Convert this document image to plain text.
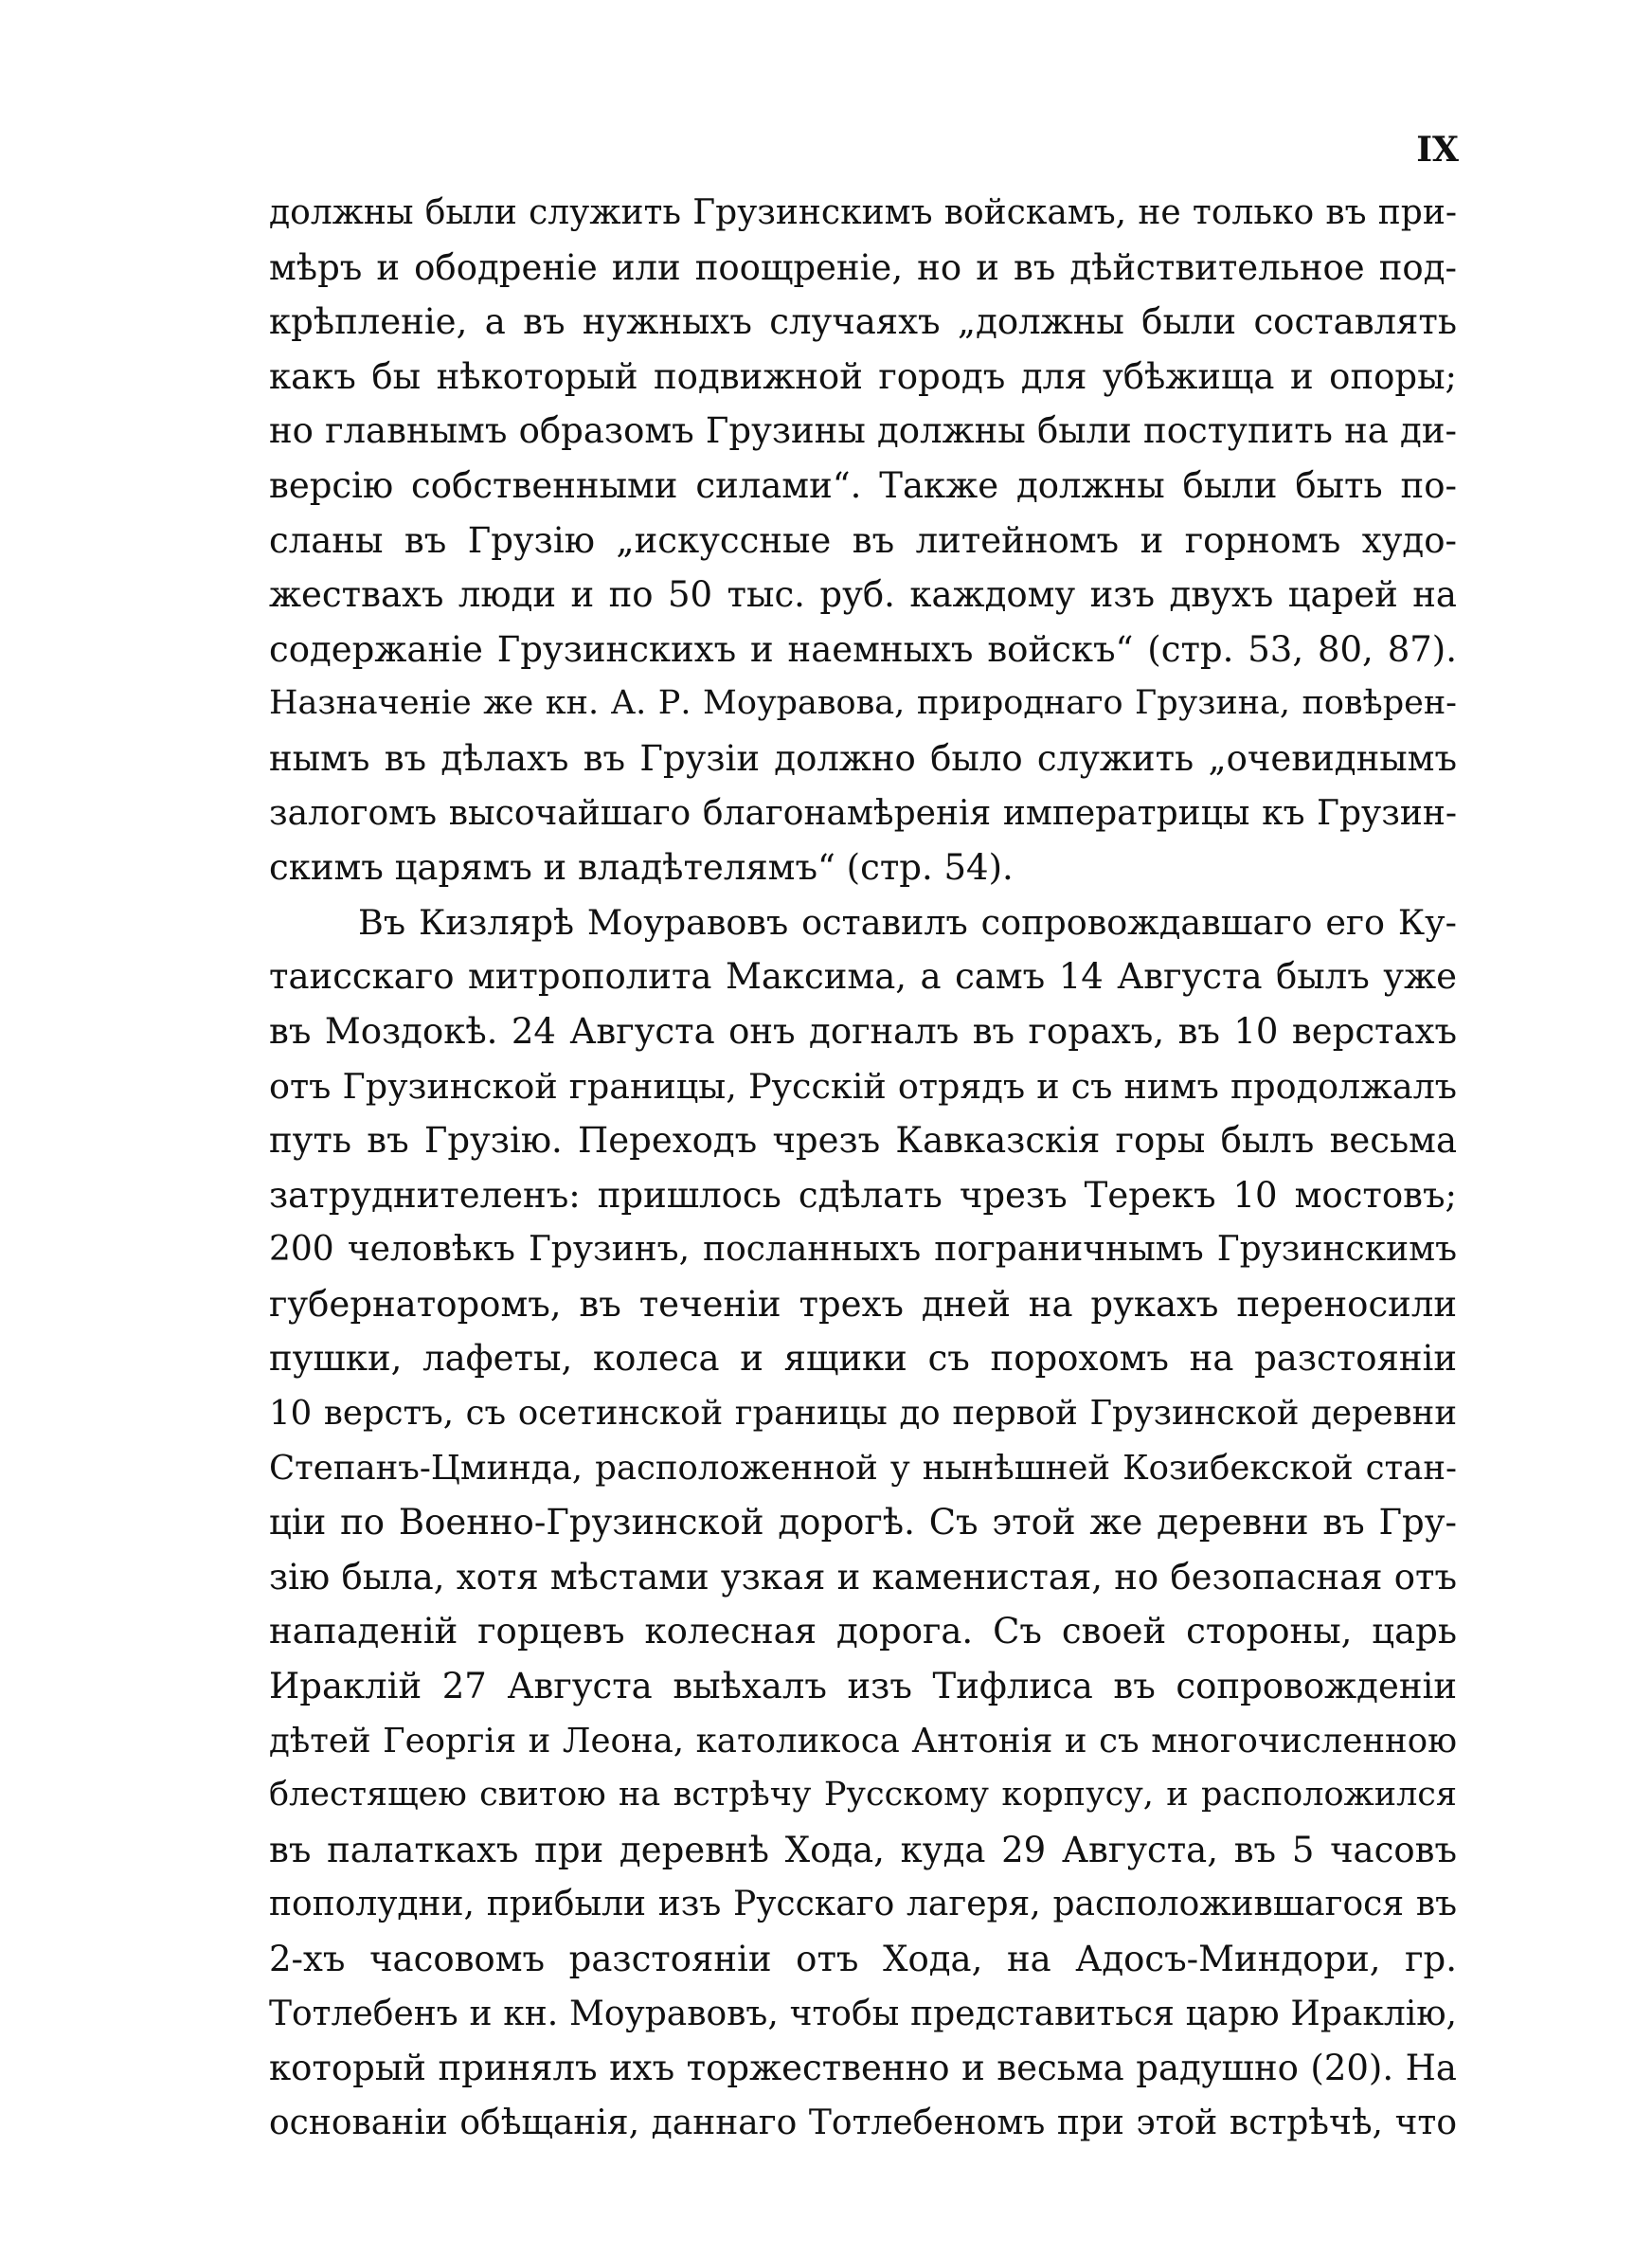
IX
должны были служить Грузинскимъ войскамъ, не только въ при-
мѣръ и ободреніе или поощреніе, но и въ дѣйствительное под-
крѣпленіе, а въ нужныхъ случаяхъ „должны были составлять
какъ бы нѣкоторый подвижной городъ для убѣжища и опоры;
но главнымъ образомъ Грузины должны были поступить на ди-
версію собственными силами“. Также должны были быть по-
сланы въ Грузію „искуссные въ литейномъ и горномъ худо-
жествахъ люди и по 50 тыс. руб. каждому изъ двухъ царей на
содержаніе Грузинскихъ и наемныхъ войскъ“ (стр. 53, 80, 87).
Назначеніе же кн. А. Р. Моуравова, природнаго Грузина, повѣрен-
нымъ въ дѣлахъ въ Грузіи должно было служить „очевиднымъ
залогомъ высочайшаго благонамѣренія императрицы къ Грузин-
скимъ царямъ и владѣтелямъ“ (стр. 54).
Въ Кизлярѣ Моуравовъ оставилъ сопровождавшаго его Ку-
таисскаго митрополита Максима, а самъ 14 Августа былъ уже
въ Моздокѣ. 24 Августа онъ догналъ въ горахъ, въ 10 верстахъ
отъ Грузинской границы, Русскій отрядъ и съ нимъ продолжалъ
путь въ Грузію. Переходъ чрезъ Кавказскія горы былъ весьма
затруднителенъ: пришлось сдѣлать чрезъ Терекъ 10 мостовъ;
200 человѣкъ Грузинъ, посланныхъ пограничнымъ Грузинскимъ
губернаторомъ, въ теченіи трехъ дней на рукахъ переносили
пушки, лафеты, колеса и ящики съ порохомъ на разстояніи
10 верстъ, съ осетинской границы до первой Грузинской деревни
Степанъ-Цминда, расположенной у нынѣшней Козибекской стан-
ціи по Военно-Грузинской дорогѣ. Съ этой же деревни въ Гру-
зію была, хотя мѣстами узкая и каменистая, но безопасная отъ
нападеній горцевъ колесная дорога. Съ своей стороны, царь
Ираклій 27 Августа выѣхалъ изъ Тифлиса въ сопровожденіи
дѣтей Георгія и Леона, католикоса Антонія и съ многочисленною
блестящею свитою на встрѣчу Русскому корпусу, и расположился
въ палаткахъ при деревнѣ Хода, куда 29 Августа, въ 5 часовъ
пополудни, прибыли изъ Русскаго лагеря, расположившагося въ
2-хъ часовомъ разстояніи отъ Хода, на Адосъ-Миндори, гр.
Тотлебенъ и кн. Моуравовъ, чтобы представиться царю Ираклію,
который принялъ ихъ торжественно и весьма радушно (20). На
основаніи обѣщанія, даннаго Тотлебеномъ при этой встрѣчѣ, что
